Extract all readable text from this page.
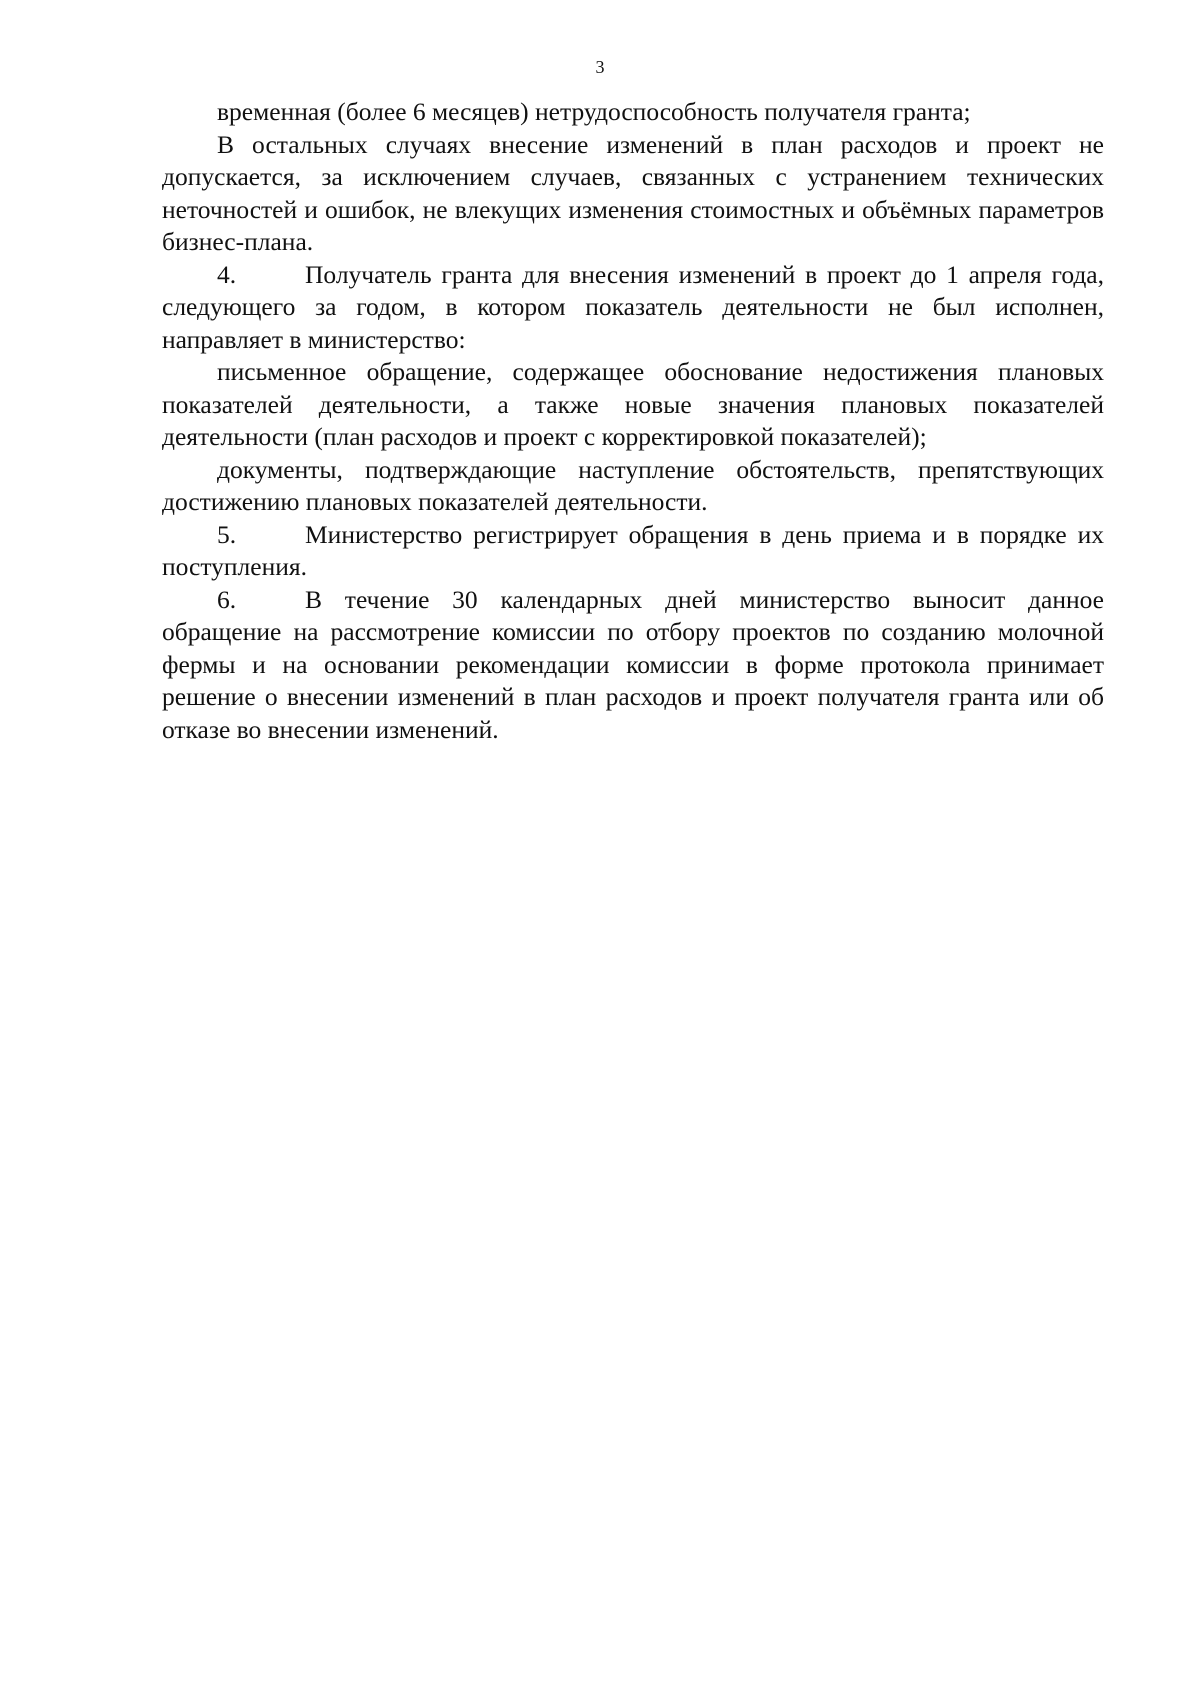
3

временная (более 6 месяцев) нетрудоспособность получателя гранта;

В остальных случаях внесение изменений в план расходов и проект не допускается, за исключением случаев, связанных с устранением технических неточностей и ошибок, не влекущих изменения стоимостных и объёмных параметров бизнес-плана.

4.	Получатель гранта для внесения изменений в проект до 1 апреля года, следующего за годом, в котором показатель деятельности не был исполнен, направляет в министерство:

письменное обращение, содержащее обоснование недостижения плановых показателей деятельности, а также новые значения плановых показателей деятельности (план расходов и проект с корректировкой показателей);

документы, подтверждающие наступление обстоятельств, препятствующих достижению плановых показателей деятельности.

5.	Министерство регистрирует обращения в день приема и в порядке их поступления.

6.	В течение 30 календарных дней министерство выносит данное обращение на рассмотрение комиссии по отбору проектов по созданию молочной фермы и на основании рекомендации комиссии в форме протокола принимает решение о внесении изменений в план расходов и проект получателя гранта или об отказе во внесении изменений.
